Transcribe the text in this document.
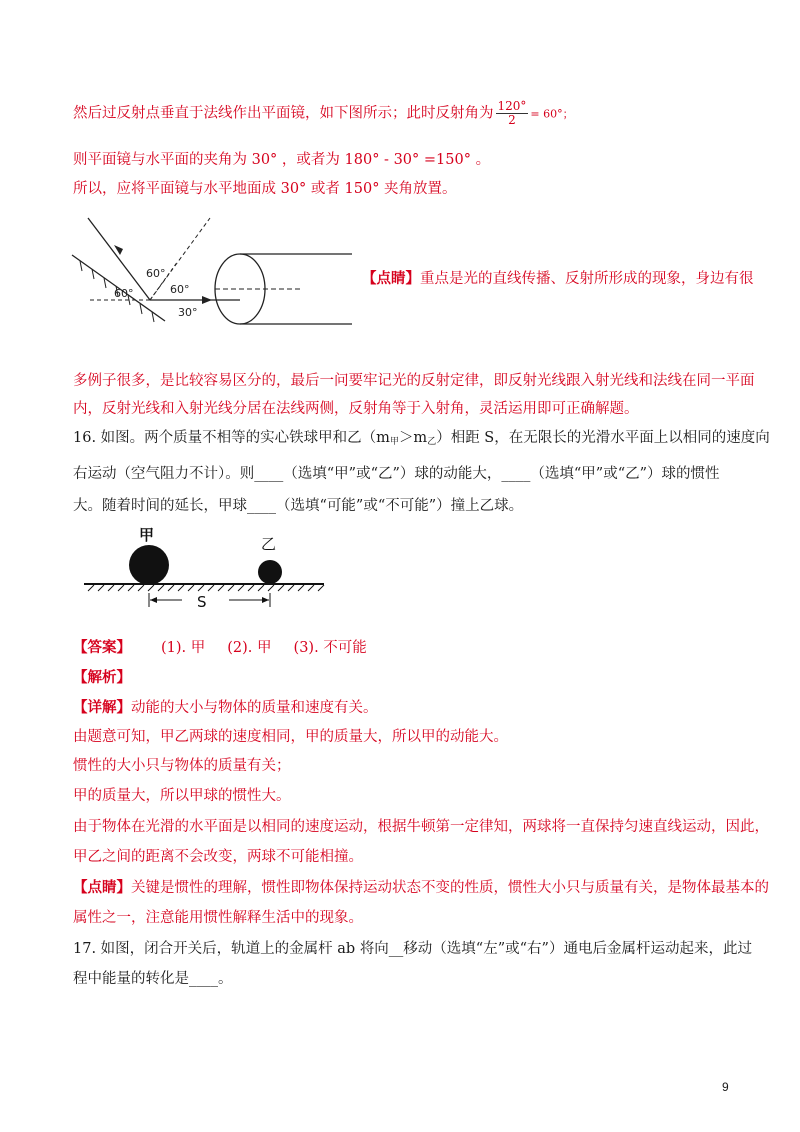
然后过反射点垂直于法线作出平面镜，如下图所示；此时反射角为 $\frac{120^\circ}{2} = 60^\circ$；
则平面镜与水平面的夹角为 30° ，或者为 180° - 30° =150° 。
所以，应将平面镜与水平地面成 30° 或者 150° 夹角放置。
60°
60°
60°
30°
【点睛】重点是光的直线传播、反射所形成的现象，身边有很
多例子很多，是比较容易区分的，最后一问要牢记光的反射定律，即反射光线跟入射光线和法线在同一平面
内，反射光线和入射光线分居在法线两侧，反射角等于入射角，灵活运用即可正确解题。
16. 如图。两个质量不相等的实心铁球甲和乙$(m_甲>m_乙)$相距 S，在无限长的光滑水平面上以相同的速度向
右运动（空气阻力不计）。则____（选填“甲”或“乙”）球的动能大，____（选填“甲”或“乙”）球的惯性
大。随着时间的延长，甲球____（选填“可能”或“不可能”）撞上乙球。
甲	乙
S
【答案】 (1). 甲 (2). 甲 (3). 不可能
【解析】
【详解】动能的大小与物体的质量和速度有关。
由题意可知，甲乙两球的速度相同，甲的质量大，所以甲的动能大。
惯性的大小只与物体的质量有关；
甲的质量大，所以甲球的惯性大。
由于物体在光滑的水平面是以相同的速度运动，根据牛顿第一定律知，两球将一直保持匀速直线运动，因此，
甲乙之间的距离不会改变，两球不可能相撞。
【点睛】关键是惯性的理解，惯性即物体保持运动状态不变的性质，惯性大小只与质量有关，是物体最基本的
属性之一，注意能用惯性解释生活中的现象。
17. 如图，闭合开关后，轨道上的金属杆 ab 将向__移动（选填“左”或“右”）通电后金属杆运动起来，此过
程中能量的转化是____。
9
